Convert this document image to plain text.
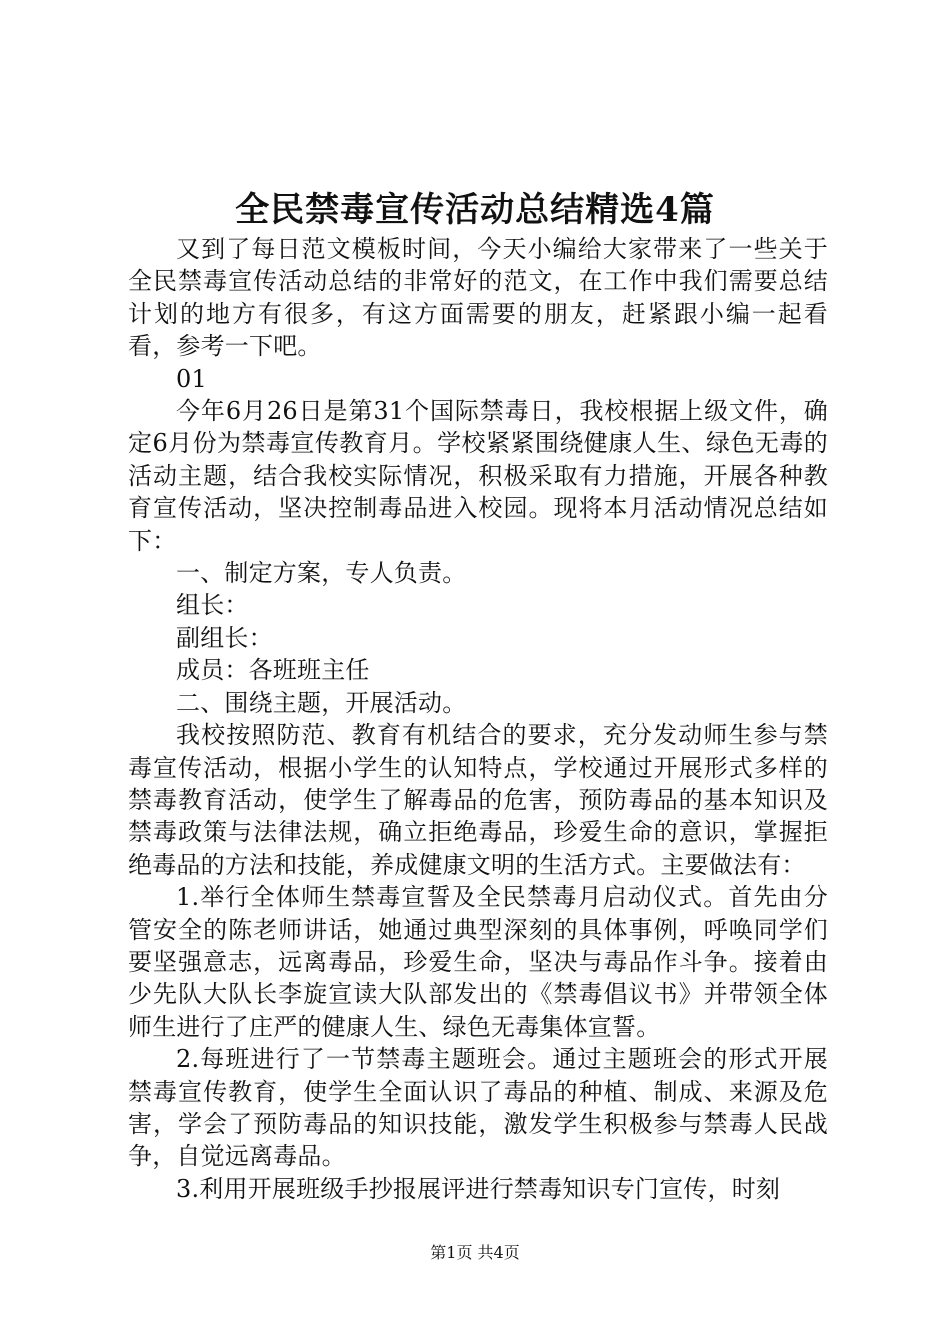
全民禁毒宣传活动总结精选4篇

又到了每日范文模板时间，今天小编给大家带来了一些关于全民禁毒宣传活动总结的非常好的范文，在工作中我们需要总结计划的地方有很多，有这方面需要的朋友，赶紧跟小编一起看看，参考一下吧。

01

今年6月26日是第31个国际禁毒日，我校根据上级文件，确定6月份为禁毒宣传教育月。学校紧紧围绕健康人生、绿色无毒的活动主题，结合我校实际情况，积极采取有力措施，开展各种教育宣传活动，坚决控制毒品进入校园。现将本月活动情况总结如下：

一、制定方案，专人负责。

组长：

副组长：

成员：各班班主任

二、围绕主题，开展活动。

我校按照防范、教育有机结合的要求，充分发动师生参与禁毒宣传活动，根据小学生的认知特点，学校通过开展形式多样的禁毒教育活动，使学生了解毒品的危害，预防毒品的基本知识及禁毒政策与法律法规，确立拒绝毒品，珍爱生命的意识，掌握拒绝毒品的方法和技能，养成健康文明的生活方式。主要做法有：

1.举行全体师生禁毒宣誓及全民禁毒月启动仪式。首先由分管安全的陈老师讲话，她通过典型深刻的具体事例，呼唤同学们要坚强意志，远离毒品，珍爱生命，坚决与毒品作斗争。接着由少先队大队长李旋宣读大队部发出的《禁毒倡议书》并带领全体师生进行了庄严的健康人生、绿色无毒集体宣誓。

2.每班进行了一节禁毒主题班会。通过主题班会的形式开展禁毒宣传教育，使学生全面认识了毒品的种植、制成、来源及危害，学会了预防毒品的知识技能，激发学生积极参与禁毒人民战争，自觉远离毒品。

3.利用开展班级手抄报展评进行禁毒知识专门宣传，时刻

第1页 共4页
